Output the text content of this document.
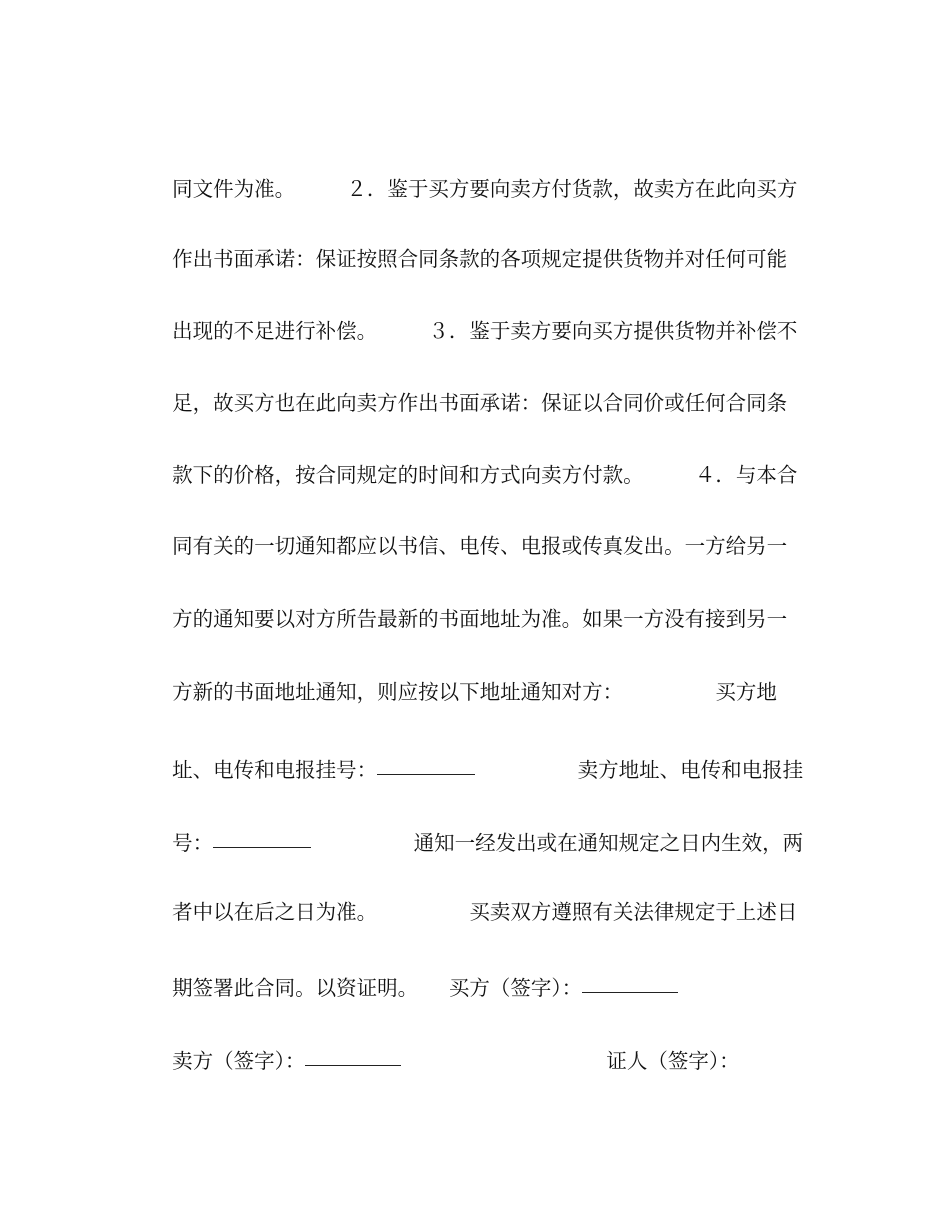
同文件为准。　　　２．鉴于买方要向卖方付货款，故卖方在此向买方

作出书面承诺：保证按照合同条款的各项规定提供货物并对任何可能

出现的不足进行补偿。　　　３．鉴于卖方要向买方提供货物并补偿不

足，故买方也在此向卖方作出书面承诺：保证以合同价或任何合同条

款下的价格，按合同规定的时间和方式向卖方付款。　　　４．与本合

同有关的一切通知都应以书信、电传、电报或传真发出。一方给另一

方的通知要以对方所告最新的书面地址为准。如果一方没有接到另一

方新的书面地址通知，则应按以下地址通知对方：　　　　　买方地

址、电传和电报挂号：	　　　　　卖方地址、电传和电报挂

号：	　　　　　通知一经发出或在通知规定之日内生效，两

者中以在后之日为准。　　　　　买卖双方遵照有关法律规定于上述日

期签署此合同。以资证明。　　买方（签字）：

卖方（签字）：	　　　　　　　　　　证人（签字）：
